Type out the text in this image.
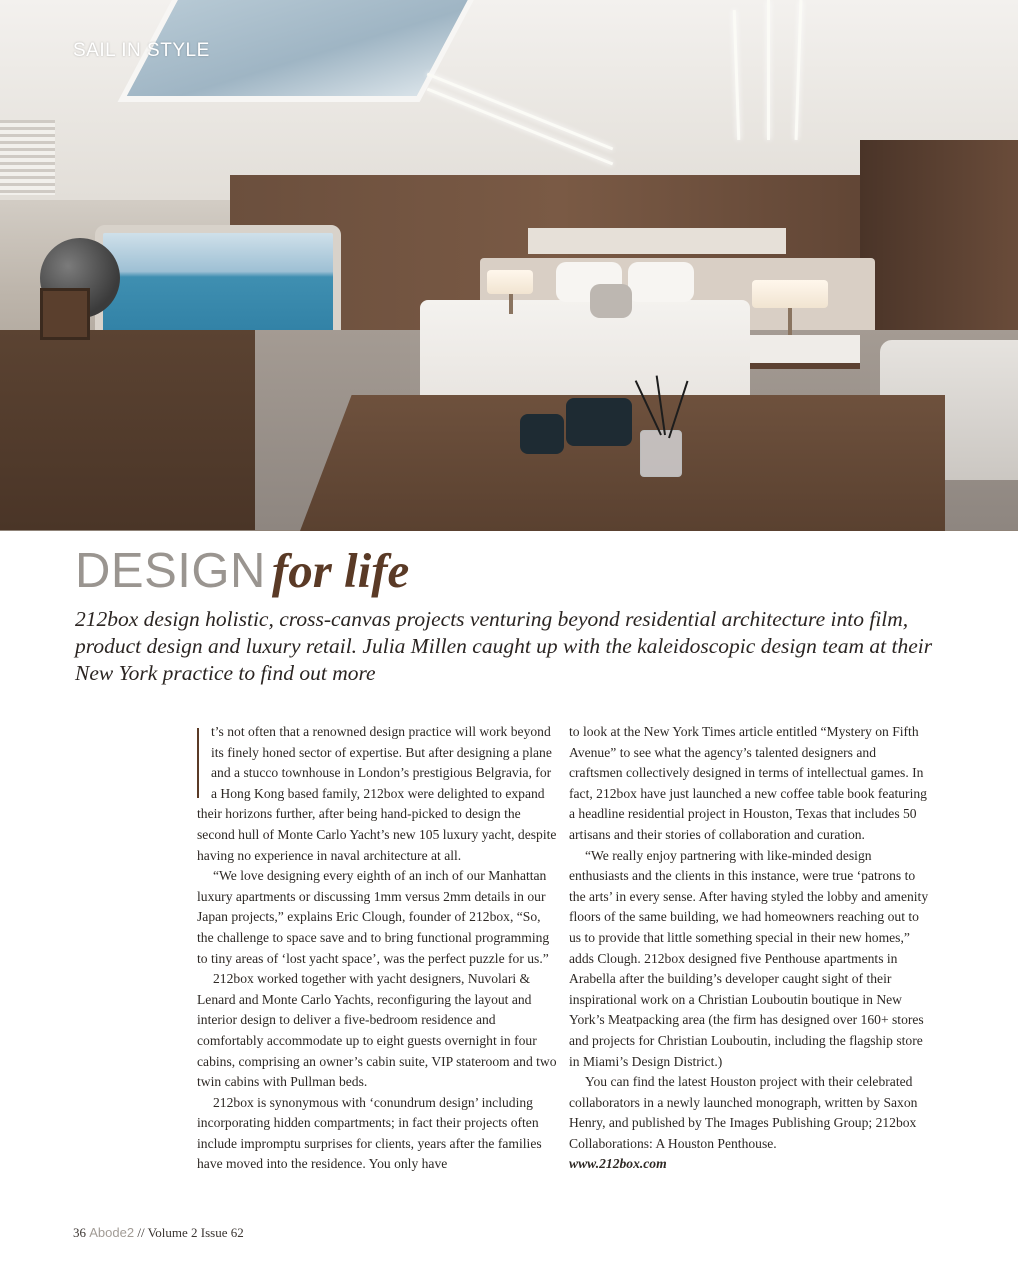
SAIL IN STYLE

DESIGN for life

212box design holistic, cross-canvas projects venturing beyond residential architecture into film, product design and luxury retail. Julia Millen caught up with the kaleidoscopic design team at their New York practice to find out more

t’s not often that a renowned design practice will work beyond its finely honed sector of expertise. But after designing a plane and a stucco townhouse in London’s prestigious Belgravia, for a Hong Kong based family, 212box were delighted to expand their horizons further, after being hand-picked to design the second hull of Monte Carlo Yacht’s new 105 luxury yacht, despite having no experience in naval architecture at all.

“We love designing every eighth of an inch of our Manhattan luxury apartments or discussing 1mm versus 2mm details in our Japan projects,” explains Eric Clough, founder of 212box, “So, the challenge to space save and to bring functional programming to tiny areas of ‘lost yacht space’, was the perfect puzzle for us.”

212box worked together with yacht designers, Nuvolari & Lenard and Monte Carlo Yachts, reconfiguring the layout and interior design to deliver a five-bedroom residence and comfortably accommodate up to eight guests overnight in four cabins, comprising an owner’s cabin suite, VIP stateroom and two twin cabins with Pullman beds.

212box is synonymous with ‘conundrum design’ including incorporating hidden compartments; in fact their projects often include impromptu surprises for clients, years after the families have moved into the residence. You only have

to look at the New York Times article entitled “Mystery on Fifth Avenue” to see what the agency’s talented designers and craftsmen collectively designed in terms of intellectual games. In fact, 212box have just launched a new coffee table book featuring a headline residential project in Houston, Texas that includes 50 artisans and their stories of collaboration and curation.

“We really enjoy partnering with like-minded design enthusiasts and the clients in this instance, were true ‘patrons to the arts’ in every sense. After having styled the lobby and amenity floors of the same building, we had homeowners reaching out to us to provide that little something special in their new homes,” adds Clough. 212box designed five Penthouse apartments in Arabella after the building’s developer caught sight of their inspirational work on a Christian Louboutin boutique in New York’s Meatpacking area (the firm has designed over 160+ stores and projects for Christian Louboutin, including the flagship store in Miami’s Design District.)

You can find the latest Houston project with their celebrated collaborators in a newly launched monograph, written by Saxon Henry, and published by The Images Publishing Group; 212box Collaborations: A Houston Penthouse.

www.212box.com

36 Abode2 // Volume 2 Issue 62
